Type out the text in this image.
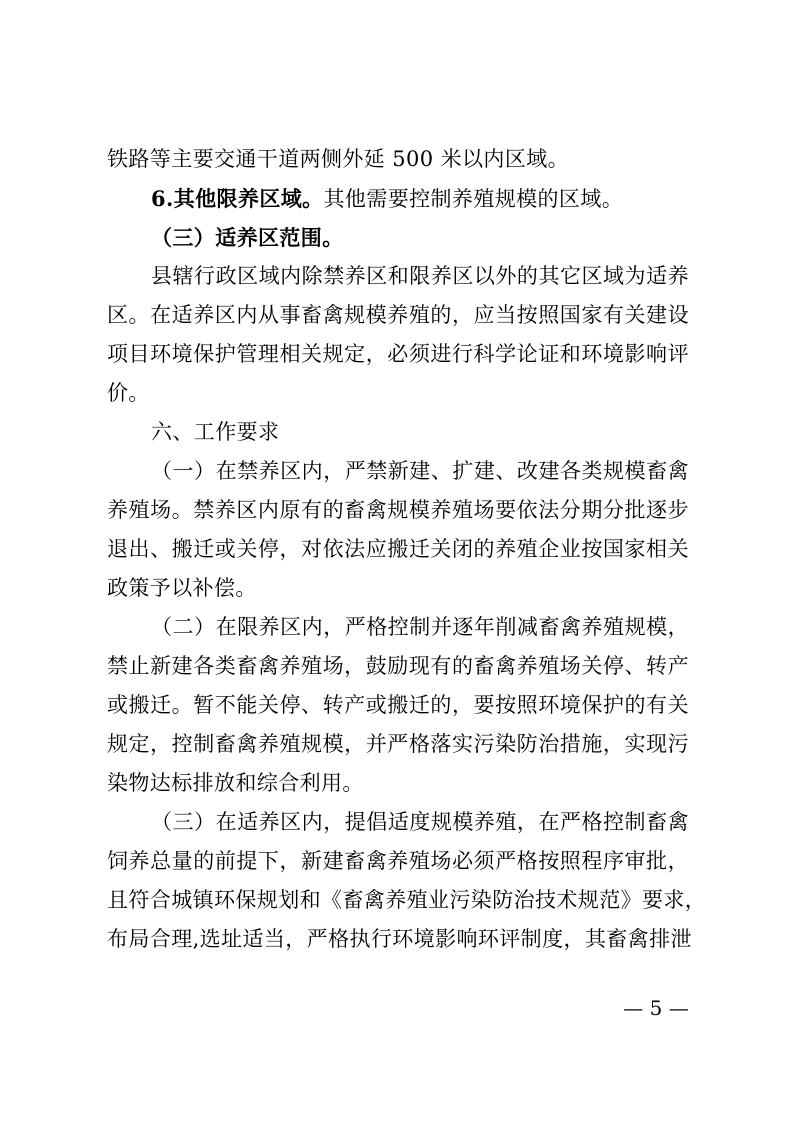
铁路等主要交通干道两侧外延 500 米以内区域。
6.其他限养区域。其他需要控制养殖规模的区域。
（三）适养区范围。
县辖行政区域内除禁养区和限养区以外的其它区域为适养
区。在适养区内从事畜禽规模养殖的，应当按照国家有关建设
项目环境保护管理相关规定，必须进行科学论证和环境影响评
价。
六、工作要求
（一）在禁养区内，严禁新建、扩建、改建各类规模畜禽
养殖场。禁养区内原有的畜禽规模养殖场要依法分期分批逐步
退出、搬迁或关停，对依法应搬迁关闭的养殖企业按国家相关
政策予以补偿。
（二）在限养区内，严格控制并逐年削减畜禽养殖规模，
禁止新建各类畜禽养殖场，鼓励现有的畜禽养殖场关停、转产
或搬迁。暂不能关停、转产或搬迁的，要按照环境保护的有关
规定，控制畜禽养殖规模，并严格落实污染防治措施，实现污
染物达标排放和综合利用。
（三）在适养区内，提倡适度规模养殖，在严格控制畜禽
饲养总量的前提下，新建畜禽养殖场必须严格按照程序审批，
且符合城镇环保规划和《畜禽养殖业污染防治技术规范》要求，
布局合理,选址适当，严格执行环境影响环评制度，其畜禽排泄
— 5 —
